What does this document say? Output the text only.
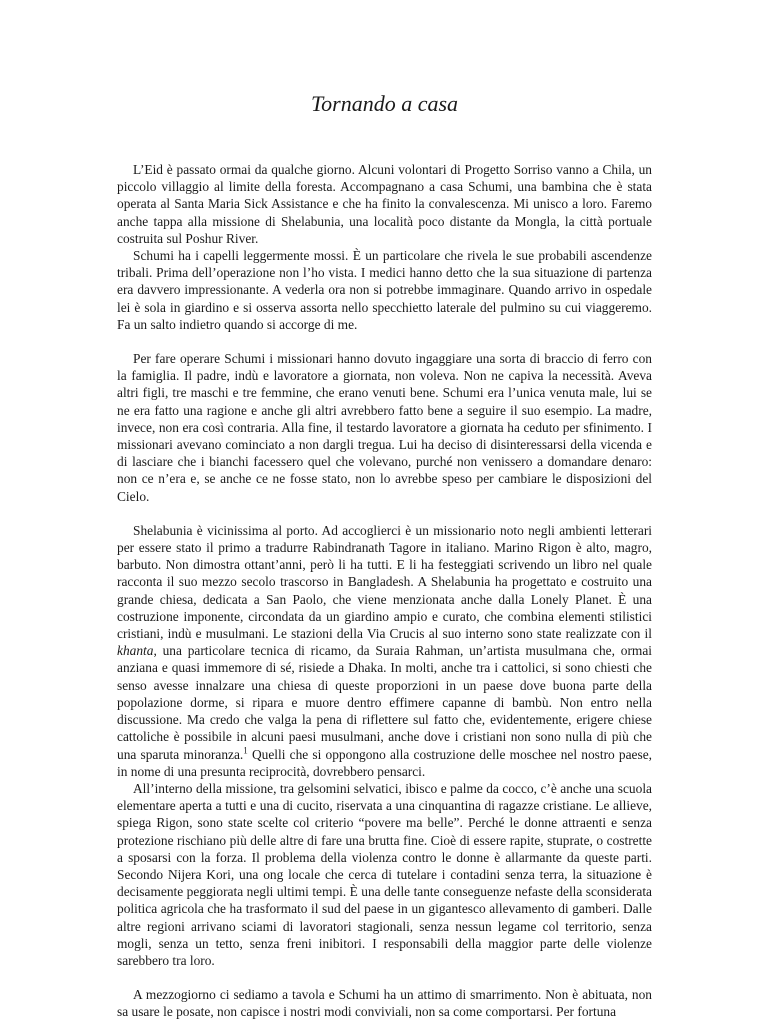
Tornando a casa

L’Eid è passato ormai da qualche giorno. Alcuni volontari di Progetto Sorriso vanno a Chila, un piccolo villaggio al limite della foresta. Accompagnano a casa Schumi, una bambina che è stata operata al Santa Maria Sick Assistance e che ha finito la convalescenza. Mi unisco a loro. Faremo anche tappa alla missione di Shelabunia, una località poco distante da Mongla, la città portuale costruita sul Poshur River.

Schumi ha i capelli leggermente mossi. È un particolare che rivela le sue probabili ascendenze tribali. Prima dell’operazione non l’ho vista. I medici hanno detto che la sua situazione di partenza era davvero impressionante. A vederla ora non si potrebbe immaginare. Quando arrivo in ospedale lei è sola in giardino e si osserva assorta nello specchietto laterale del pulmino su cui viaggeremo. Fa un salto indietro quando si accorge di me.

Per fare operare Schumi i missionari hanno dovuto ingaggiare una sorta di braccio di ferro con la famiglia. Il padre, indù e lavoratore a giornata, non voleva. Non ne capiva la necessità. Aveva altri figli, tre maschi e tre femmine, che erano venuti bene. Schumi era l’unica venuta male, lui se ne era fatto una ragione e anche gli altri avrebbero fatto bene a seguire il suo esempio. La madre, invece, non era così contraria. Alla fine, il testardo lavoratore a giornata ha ceduto per sfinimento. I missionari avevano cominciato a non dargli tregua. Lui ha deciso di disinteressarsi della vicenda e di lasciare che i bianchi facessero quel che volevano, purché non venissero a domandare denaro: non ce n’era e, se anche ce ne fosse stato, non lo avrebbe speso per cambiare le disposizioni del Cielo.

Shelabunia è vicinissima al porto. Ad accoglierci è un missionario noto negli ambienti letterari per essere stato il primo a tradurre Rabindranath Tagore in italiano. Marino Rigon è alto, magro, barbuto. Non dimostra ottant’anni, però li ha tutti. E li ha festeggiati scrivendo un libro nel quale racconta il suo mezzo secolo trascorso in Bangladesh. A Shelabunia ha progettato e costruito una grande chiesa, dedicata a San Paolo, che viene menzionata anche dalla Lonely Planet. È una costruzione imponente, circondata da un giardino ampio e curato, che combina elementi stilistici cristiani, indù e musulmani. Le stazioni della Via Crucis al suo interno sono state realizzate con il khanta, una particolare tecnica di ricamo, da Suraia Rahman, un’artista musulmana che, ormai anziana e quasi immemore di sé, risiede a Dhaka. In molti, anche tra i cattolici, si sono chiesti che senso avesse innalzare una chiesa di queste proporzioni in un paese dove buona parte della popolazione dorme, si ripara e muore dentro effimere capanne di bambù. Non entro nella discussione. Ma credo che valga la pena di riflettere sul fatto che, evidentemente, erigere chiese cattoliche è possibile in alcuni paesi musulmani, anche dove i cristiani non sono nulla di più che una sparuta minoranza.$^1$ Quelli che si oppongono alla costruzione delle moschee nel nostro paese, in nome di una presunta reciprocità, dovrebbero pensarci.

All’interno della missione, tra gelsomini selvatici, ibisco e palme da cocco, c’è anche una scuola elementare aperta a tutti e una di cucito, riservata a una cinquantina di ragazze cristiane. Le allieve, spiega Rigon, sono state scelte col criterio “povere ma belle”. Perché le donne attraenti e senza protezione rischiano più delle altre di fare una brutta fine. Cioè di essere rapite, stuprate, o costrette a sposarsi con la forza. Il problema della violenza contro le donne è allarmante da queste parti. Secondo Nijera Kori, una ong locale che cerca di tutelare i contadini senza terra, la situazione è decisamente peggiorata negli ultimi tempi. È una delle tante conseguenze nefaste della sconsiderata politica agricola che ha trasformato il sud del paese in un gigantesco allevamento di gamberi. Dalle altre regioni arrivano sciami di lavoratori stagionali, senza nessun legame col territorio, senza mogli, senza un tetto, senza freni inibitori. I responsabili della maggior parte delle violenze sarebbero tra loro.

A mezzogiorno ci sediamo a tavola e Schumi ha un attimo di smarrimento. Non è abituata, non sa usare le posate, non capisce i nostri modi conviviali, non sa come comportarsi. Per fortuna
